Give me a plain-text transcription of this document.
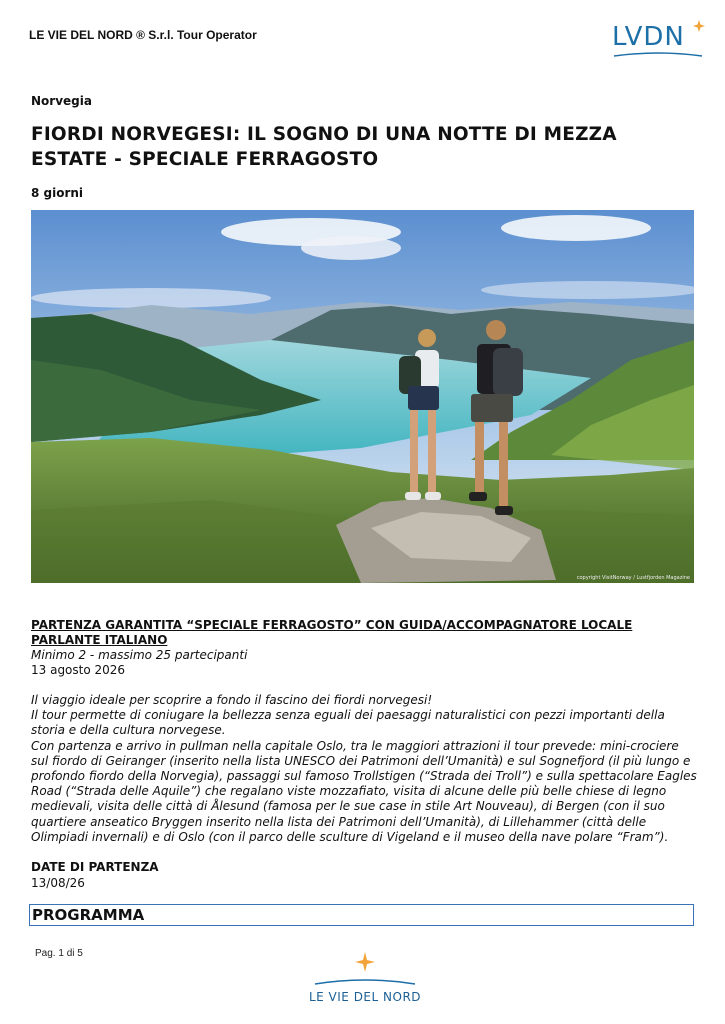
LE VIE DEL NORD ® S.r.l. Tour Operator	LVDN
Norvegia
FIORDI NORVEGESI: IL SOGNO DI UNA NOTTE DI MEZZA ESTATE - SPECIALE FERRAGOSTO
8 giorni
copyright VisitNorway / Lustfjorden Magazine
PARTENZA GARANTITA “SPECIALE FERRAGOSTO” CON GUIDA/ACCOMPAGNATORE LOCALE PARLANTE ITALIANO
Minimo 2 - massimo 25 partecipanti
13 agosto 2026

Il viaggio ideale per scoprire a fondo il fascino dei fiordi norvegesi!

Il tour permette di coniugare la bellezza senza eguali dei paesaggi naturalistici con pezzi importanti della storia e della cultura norvegese.

Con partenza e arrivo in pullman nella capitale Oslo, tra le maggiori attrazioni il tour prevede: mini-crociere sul fiordo di Geiranger (inserito nella lista UNESCO dei Patrimoni dell’Umanità) e sul Sognefjord (il più lungo e profondo fiordo della Norvegia), passaggi sul famoso Trollstigen (“Strada dei Troll”) e sulla spettacolare Eagles Road (“Strada delle Aquile”) che regalano viste mozzafiato, visita di alcune delle più belle chiese di legno medievali, visita delle città di Ålesund (famosa per le sue case in stile Art Nouveau), di Bergen (con il suo quartiere anseatico Bryggen inserito nella lista dei Patrimoni dell’Umanità), di Lillehammer (città delle Olimpiadi invernali) e di Oslo (con il parco delle sculture di Vigeland e il museo della nave polare “Fram”).

DATE DI PARTENZA
13/08/26
PROGRAMMA
Pag. 1 di 5
LE VIE DEL NORD
